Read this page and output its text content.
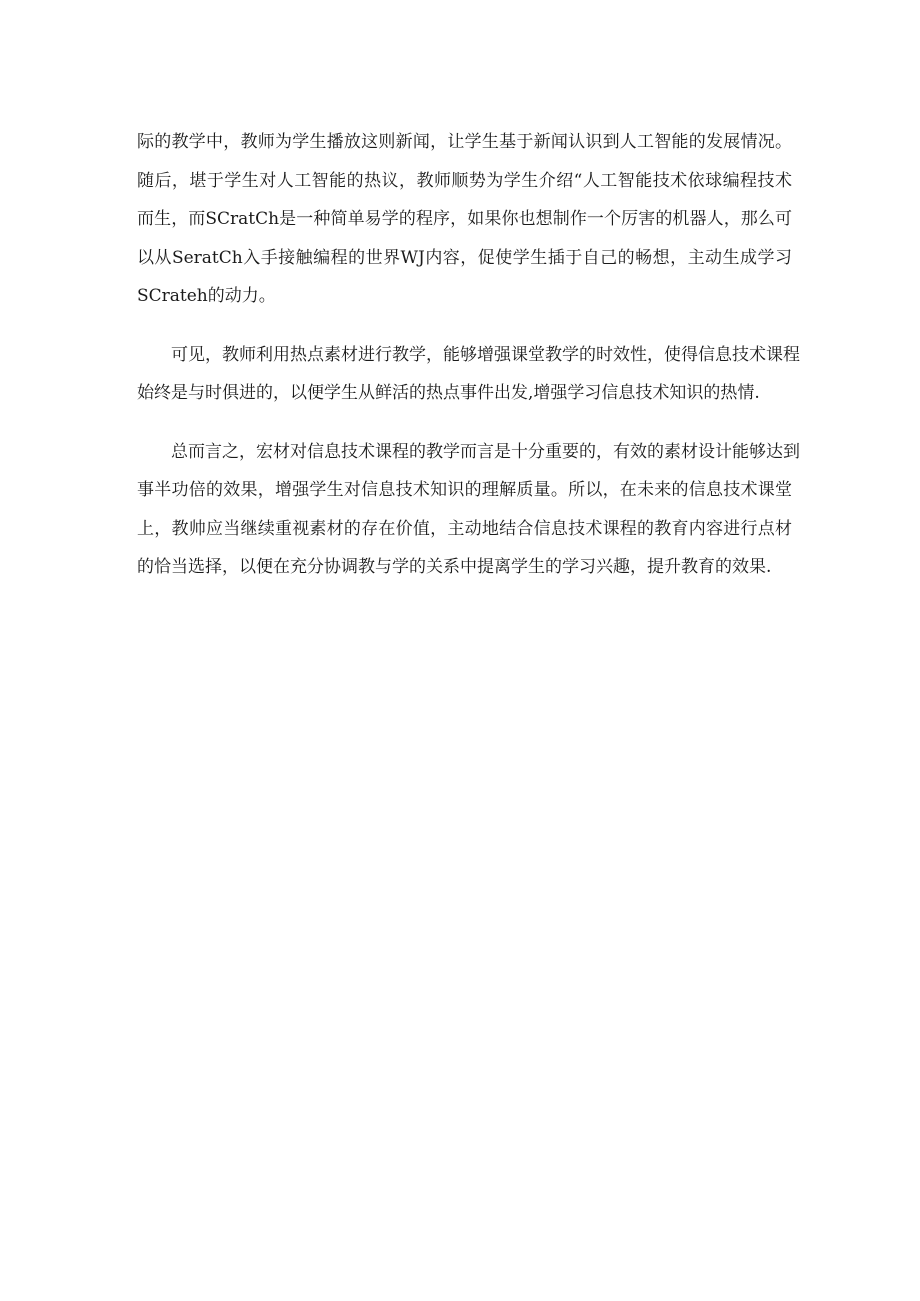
际的教学中，教师为学生播放这则新闻，让学生基于新闻认识到人工智能的发展情况。
随后，堪于学生对人工智能的热议，教师顺势为学生介绍“人工智能技术依球编程技术
而生，而SCratCh是一种简单易学的程序，如果你也想制作一个厉害的机器人，那么可
以从SeratCh入手接触编程的世界WJ内容，促使学生插于自己的畅想，主动生成学习
SCrateh的动力。
可见，教师利用热点素材进行教学，能够增强课堂教学的时效性，使得信息技术课程
始终是与时俱进的，以便学生从鲜活的热点事件出发,增强学习信息技术知识的热情.
总而言之，宏材对信息技术课程的教学而言是十分重要的，有效的素材设计能够达到
事半功倍的效果，增强学生对信息技术知识的理解质量。所以，在未来的信息技术课堂
上，教帅应当继续重视素材的存在价值，主动地结合信息技术课程的教育内容进行点材
的恰当选择，以便在充分协调教与学的关系中提离学生的学习兴趣，提升教育的效果.
